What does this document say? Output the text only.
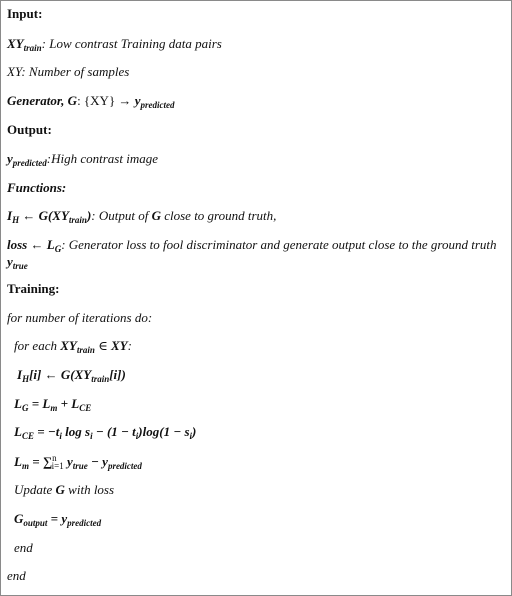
Input:
$XY_{train}$: Low contrast Training data pairs
XY: Number of samples
Generator, G: $\{XY\} \to y_{predicted}$
Output:
$y_{predicted}:High$ contrast image
Functions:
$I_H$ ← $G(XY_{train})$: Output of G close to ground truth,
loss ← $L_G$: Generator loss to fool discriminator and generate output close to the ground truth
$y_{true}$
Training:
for number of iterations do:
for each $XY_{train}$ ∈ XY:
$I_H[i]$ ← $G(XY_{train}[i])$
$L_G = L_m + L_{CE}$
$L_{CE} = -t_i$ $\log s_i - (1 - t_i)\log(1 - s_i)$
$L_m = \sum^n_{i=1}$ $y_{true} - y_{predicted}$
Update G with loss
$G_{output} = y_{predicted}$
end
end
